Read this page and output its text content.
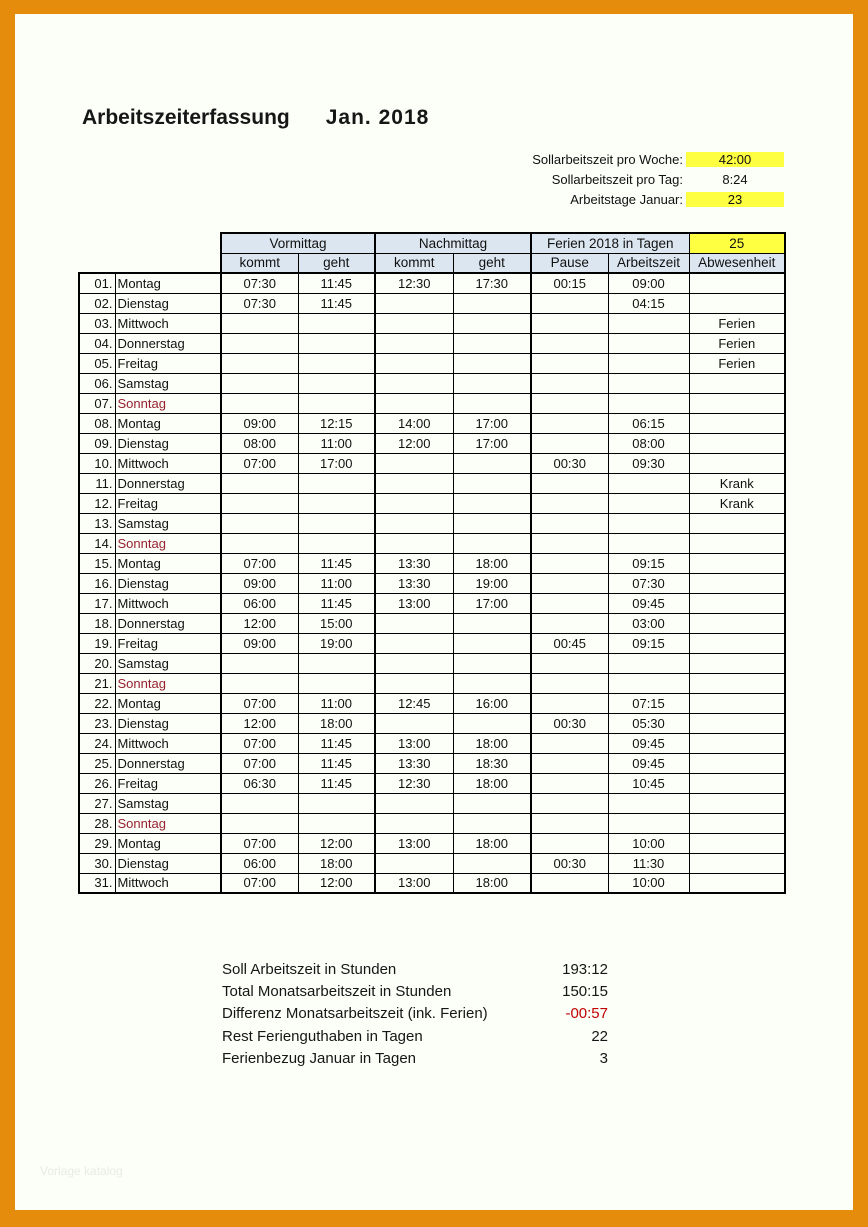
Arbeitszeiterfassung Jan. 2018
Sollarbeitszeit pro Woche:	42:00
Sollarbeitszeit pro Tag:	8:24
Arbeitstage Januar:	23
		Vormittag		Nachmittag		Ferien 2018 in Tagen		25
		kommt	geht	kommt	geht	Pause	Arbeitszeit	Abwesenheit
01.	Montag	07:30	11:45	12:30	17:30	00:15	09:00	
02.	Dienstag	07:30	11:45				04:15	
03.	Mittwoch							Ferien
04.	Donnerstag							Ferien
05.	Freitag							Ferien
06.	Samstag							
07.	Sonntag							
08.	Montag	09:00	12:15	14:00	17:00		06:15	
09.	Dienstag	08:00	11:00	12:00	17:00		08:00	
10.	Mittwoch	07:00	17:00			00:30	09:30	
11.	Donnerstag							Krank
12.	Freitag							Krank
13.	Samstag							
14.	Sonntag							
15.	Montag	07:00	11:45	13:30	18:00		09:15	
16.	Dienstag	09:00	11:00	13:30	19:00		07:30	
17.	Mittwoch	06:00	11:45	13:00	17:00		09:45	
18.	Donnerstag	12:00	15:00				03:00	
19.	Freitag	09:00	19:00			00:45	09:15	
20.	Samstag							
21.	Sonntag							
22.	Montag	07:00	11:00	12:45	16:00		07:15	
23.	Dienstag	12:00	18:00			00:30	05:30	
24.	Mittwoch	07:00	11:45	13:00	18:00		09:45	
25.	Donnerstag	07:00	11:45	13:30	18:30		09:45	
26.	Freitag	06:30	11:45	12:30	18:00		10:45	
27.	Samstag							
28.	Sonntag							
29.	Montag	07:00	12:00	13:00	18:00		10:00	
30.	Dienstag	06:00	18:00			00:30	11:30	
31.	Mittwoch	07:00	12:00	13:00	18:00		10:00	
Soll Arbeitszeit in Stunden	193:12
Total Monatsarbeitszeit in Stunden	150:15
Differenz Monatsarbeitszeit (ink. Ferien)	-00:57
Rest Ferienguthaben in Tagen	22
Ferienbezug Januar in Tagen	3
Vorlage katalog
